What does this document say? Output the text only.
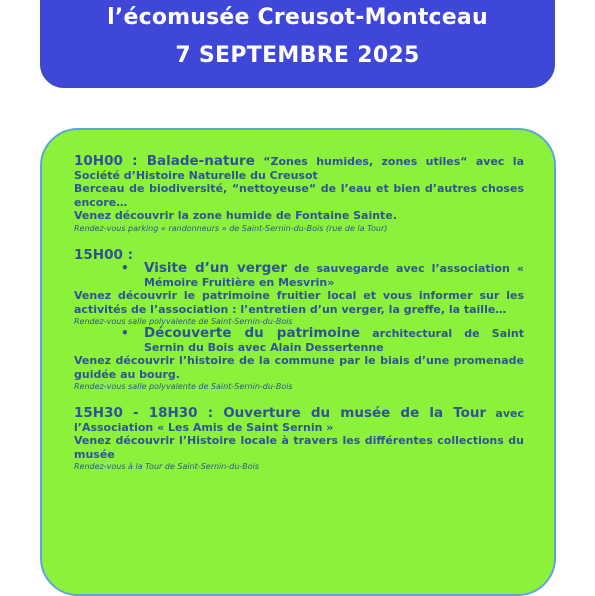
l’écomusée Creusot-Montceau
7 SEPTEMBRE 2025

10H00 : Balade-nature “Zones humides, zones utiles“ avec la Société d’Histoire Naturelle du Creusot

Berceau de biodiversité, “nettoyeuse“ de l’eau et bien d’autres choses encore…

Venez découvrir la zone humide de Fontaine Sainte.

Rendez-vous parking « randonneurs » de Saint-Sernin-du-Bois (rue de la Tour)

15H00 :

• Visite d’un verger de sauvegarde avec l’association « Mémoire Fruitière en Mesvrin»

Venez découvrir le patrimoine fruitier local et vous informer sur les activités de l’association : l’entretien d’un verger, la greffe, la taille…

Rendez-vous salle polyvalente de Saint-Sernin-du-Bois

• Découverte du patrimoine architectural de Saint Sernin du Bois avec Alain Dessertenne

Venez découvrir l’histoire de la commune par le biais d’une promenade guidée au bourg.

Rendez-vous salle polyvalente de Saint-Sernin-du-Bois

15H30 - 18H30 : Ouverture du musée de la Tour avec l’Association « Les Amis de Saint Sernin »

Venez découvrir l’Histoire locale à travers les différentes collections du musée

Rendez-vous à la Tour de Saint-Sernin-du-Bois
